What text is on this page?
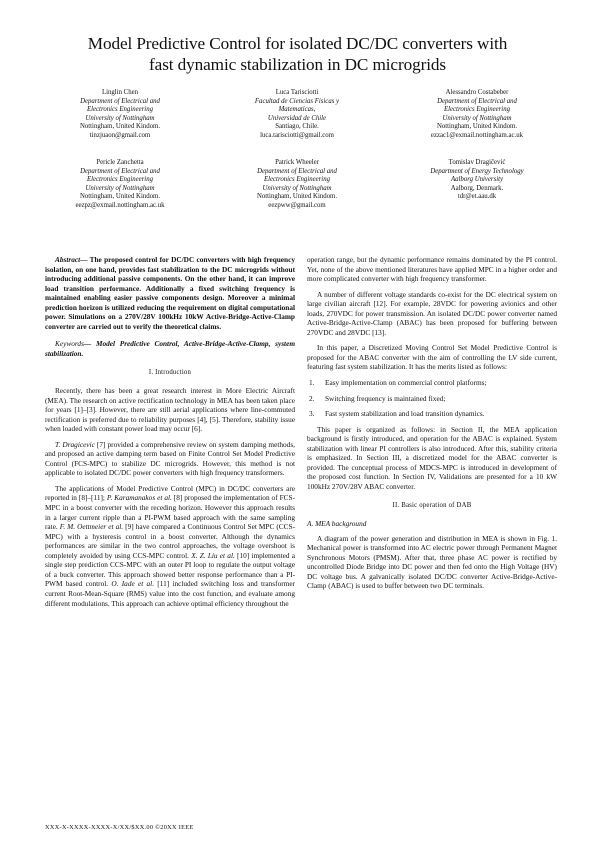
Model Predictive Control for isolated DC/DC converters with
fast dynamic stabilization in DC microgrids
Linglin Chen
Department of Electrical and
Electronics Engineering
University of Nottingham
Nottingham, United Kindom.
tinzjuaon@gmail.com
Luca Tarisciotti
Facultad de Ciencias Fisicas y
Matematicas,
Universidad de Chile
Santiago, Chile.
luca.tarisciotti@gmail.com
Alessandro Costabeber
Department of Electrical and
Electronics Engineering
University of Nottingham
Nottingham, United Kindom.
ezzac1@exmail.nottingham.ac.uk
Pericle Zanchetta
Department of Electrical and
Electronics Engineering
University of Nottingham
Nottingham, United Kindom.
eezpz@exmail.nottingham.ac.uk
Patrick Wheeler
Department of Electrical and
Electronics Engineering
University of Nottingham
Nottingham, United Kindom.
eezpww@gmail.com
Tomislav Dragičević
Department of Energy Technology
Aalborg University
Aalborg, Denmark.
tdr@et.aau.dk

Abstract— The proposed control for DC/DC converters with high frequency isolation, on one hand, provides fast stabilization to the DC microgrids without introducing additional passive components. On the other hand, it can improve load transition performance. Additionally a fixed switching frequency is maintained enabling easier passive components design. Moreover a minimal prediction horizon is utilized reducing the requirement on digital computational power. Simulations on a 270V/28V 100kHz 10kW Active-Bridge-Active-Clamp converter are carried out to verify the theoretical claims.

Keywords— Model Predictive Control, Active-Bridge-Active-Clamp, system stabilization.

I. Introduction

Recently, there has been a great research interest in More Electric Aircraft (MEA). The research on active rectification technology in MEA has been taken place for years [1]–[3]. However, there are still aerial applications where line-commuted rectification is preferred due to reliability purposes [4], [5]. Therefore, stability issue when loaded with constant power load may occur [6].

T. Dragicevic [7] provided a comprehensive review on system damping methods, and proposed an active damping term based on Finite Control Set Model Predictive Control (FCS-MPC) to stabilize DC microgrids. However, this method is not applicable to isolated DC/DC power converters with high frequency transformers.

The applications of Model Predictive Control (MPC) in DC/DC converters are reported in [8]–[11]; P. Karamanakos et al. [8] proposed the implementation of FCS-MPC in a boost converter with the receding horizon. However this approach results in a larger current ripple than a PI-PWM based approach with the same sampling rate. F. M. Oettmeier et al. [9] have compared a Continuous Control Set MPC (CCS-MPC) with a hysteresis control in a boost converter. Although the dynamics performances are similar in the two control approaches, the voltage overshoot is completely avoided by using CCS-MPC control. X. Z. Liu et al. [10] implemented a single step prediction CCS-MPC with an outer PI loop to regulate the output voltage of a buck converter. This approach showed better response performance than a PI-PWM based control. O. Iade et al. [11] included switching loss and transformer current Root-Mean-Square (RMS) value into the cost function, and evaluate among different modulations. This approach can achieve optimal efficiency throughout the

operation range, but the dynamic performance remains dominated by the PI control. Yet, none of the above mentioned literatures have applied MPC in a higher order and more complicated converter with high frequency transformer.

A number of different voltage standards co-exist for the DC electrical system on large civilian aircraft [12]. For example, 28VDC for powering avionics and other loads, 270VDC for power transmission. An isolated DC/DC power converter named Active-Bridge-Active-Clamp (ABAC) has been proposed for buffering between 270VDC and 28VDC [13].

In this paper, a Discretized Moving Control Set Model Predictive Control is proposed for the ABAC converter with the aim of controlling the LV side current, featuring fast system stabilization. It has the merits listed as follows:

1. Easy implementation on commercial control platforms;
2. Switching frequency is maintained fixed;
3. Fast system stabilization and load transition dynamics.

This paper is organized as follows: in Section II, the MEA application background is firstly introduced, and operation for the ABAC is explained. System stabilization with linear PI controllers is also introduced. After this, stability criteria is emphasized. In Section III, a discretized model for the ABAC converter is provided. The conceptual process of MDCS-MPC is introduced in development of the proposed cost function. In Section IV, Validations are presented for a 10 kW 100kHz 270V/28V ABAC converter.

II. Basic operation of DAB

A. MEA background

A diagram of the power generation and distribution in MEA is shown in Fig. 1. Mechanical power is transformed into AC electric power through Permanent Magnet Synchronous Motors (PMSM). After that, three phase AC power is rectified by uncontrolled Diode Bridge into DC power and then fed onto the High Voltage (HV) DC voltage bus. A galvanically isolated DC/DC converter Active-Bridge-Active-Clamp (ABAC) is used to buffer between two DC terminals.

XXX-X-XXXX-XXXX-X/XX/$XX.00 ©20XX IEEE
